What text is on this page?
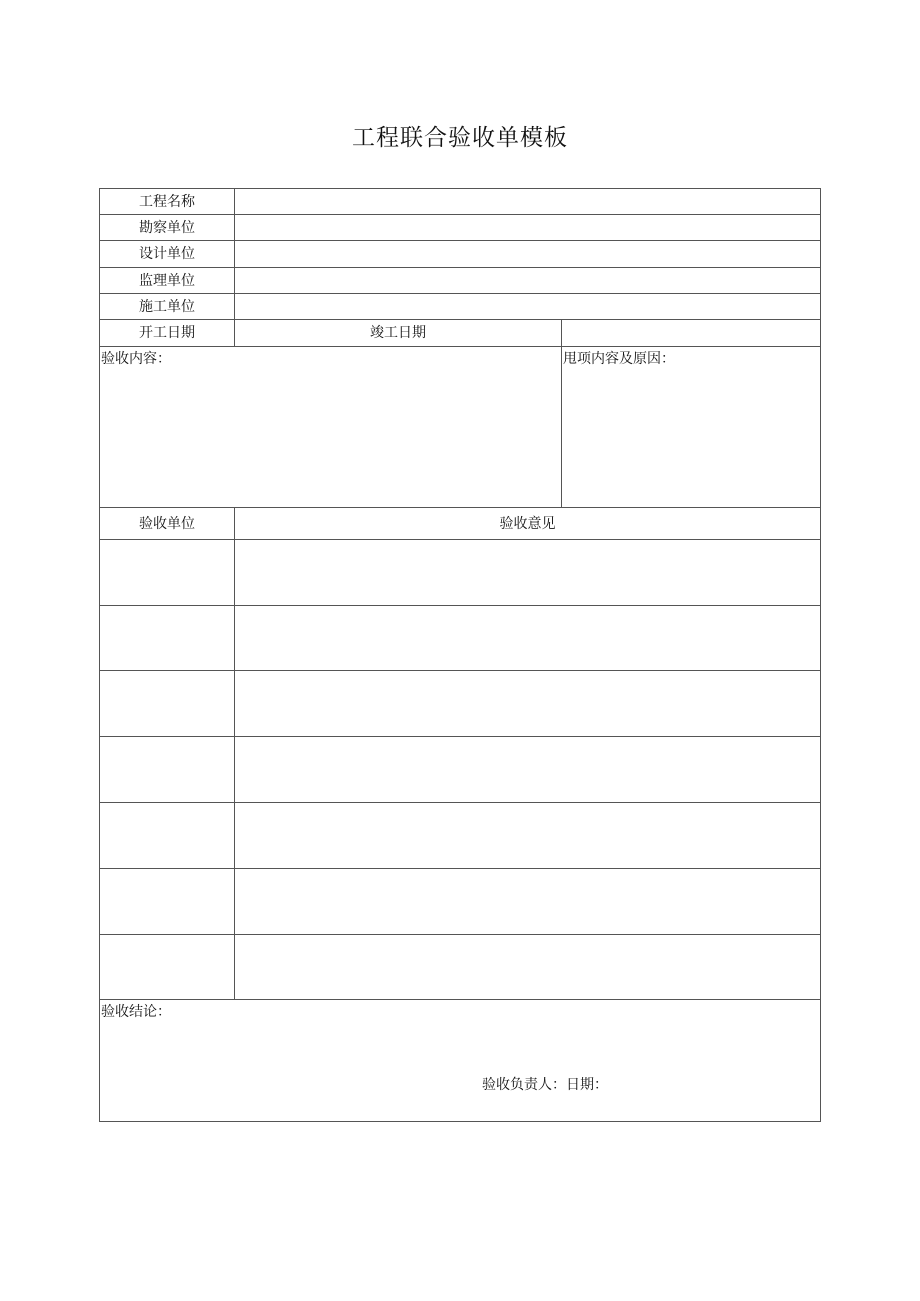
工程联合验收单模板
工程名称
勘察单位
设计单位
监理单位
施工单位
开工日期	竣工日期
验收内容：	甩项内容及原因：
验收单位	验收意见
验收结论：
验收负责人：日期：
